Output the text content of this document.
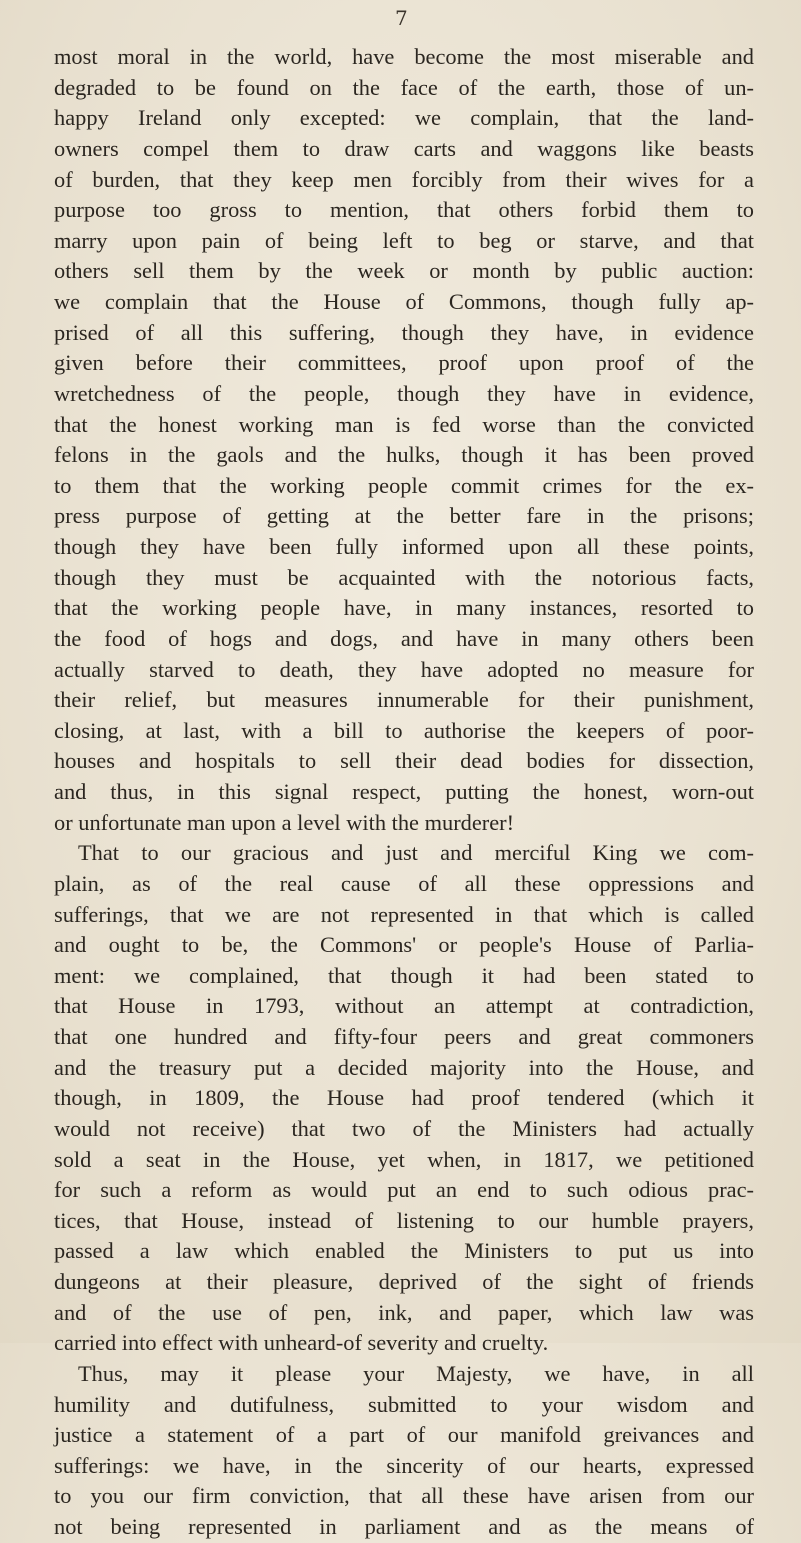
7
most moral in the world, have become the most miserable and
degraded to be found on the face of the earth, those of un-
happy Ireland only excepted: we complain, that the land-
owners compel them to draw carts and waggons like beasts
of burden, that they keep men forcibly from their wives for a
purpose too gross to mention, that others forbid them to
marry upon pain of being left to beg or starve, and that
others sell them by the week or month by public auction:
we complain that the House of Commons, though fully ap-
prised of all this suffering, though they have, in evidence
given before their committees, proof upon proof of the
wretchedness of the people, though they have in evidence,
that the honest working man is fed worse than the convicted
felons in the gaols and the hulks, though it has been proved
to them that the working people commit crimes for the ex-
press purpose of getting at the better fare in the prisons;
though they have been fully informed upon all these points,
though they must be acquainted with the notorious facts,
that the working people have, in many instances, resorted to
the food of hogs and dogs, and have in many others been
actually starved to death, they have adopted no measure for
their relief, but measures innumerable for their punishment,
closing, at last, with a bill to authorise the keepers of poor-
houses and hospitals to sell their dead bodies for dissection,
and thus, in this signal respect, putting the honest, worn-out
or unfortunate man upon a level with the murderer!
That to our gracious and just and merciful King we com-
plain, as of the real cause of all these oppressions and
sufferings, that we are not represented in that which is called
and ought to be, the Commons' or people's House of Parlia-
ment: we complained, that though it had been stated to
that House in 1793, without an attempt at contradiction,
that one hundred and fifty-four peers and great commoners
and the treasury put a decided majority into the House, and
though, in 1809, the House had proof tendered (which it
would not receive) that two of the Ministers had actually
sold a seat in the House, yet when, in 1817, we petitioned
for such a reform as would put an end to such odious prac-
tices, that House, instead of listening to our humble prayers,
passed a law which enabled the Ministers to put us into
dungeons at their pleasure, deprived of the sight of friends
and of the use of pen, ink, and paper, which law was
carried into effect with unheard-of severity and cruelty.
Thus, may it please your Majesty, we have, in all
humility and dutifulness, submitted to your wisdom and
justice a statement of a part of our manifold greivances and
sufferings: we have, in the sincerity of our hearts, expressed
to you our firm conviction, that all these have arisen from our
not being represented in parliament and as the means of
